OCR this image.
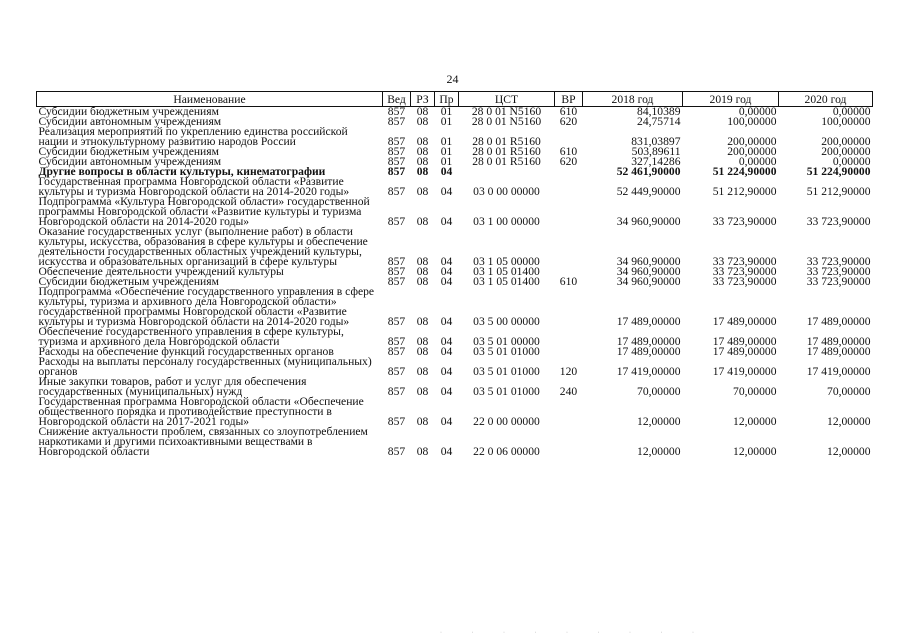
24
Наименование	Вед	РЗ	Пр	ЦСТ	ВР	2018 год	2019 год	2020 год
Субсидии бюджетным учреждениям	857	08	01	28 0 01 N5160	610	84,10389	0,00000	0,00000
Субсидии автономным учреждениям	857	08	01	28 0 01 N5160	620	24,75714	100,00000	100,00000
Реализация мероприятий по укреплению единства российской нации и этнокультурному развитию народов России	857	08	01	28 0 01 R5160		831,03897	200,00000	200,00000
Субсидии бюджетным учреждениям	857	08	01	28 0 01 R5160	610	503,89611	200,00000	200,00000
Субсидии автономным учреждениям	857	08	01	28 0 01 R5160	620	327,14286	0,00000	0,00000
Другие вопросы в области культуры, кинематографии	857	08	04			52 461,90000	51 224,90000	51 224,90000
Государственная программа Новгородской области «Развитие культуры и туризма Новгородской области на 2014-2020 годы»	857	08	04	03 0 00 00000		52 449,90000	51 212,90000	51 212,90000
Подпрограмма «Культура Новгородской области» государственной программы Новгородской области «Развитие культуры и туризма Новгородской области на 2014-2020 годы»	857	08	04	03 1 00 00000		34 960,90000	33 723,90000	33 723,90000
Оказание государственных услуг (выполнение работ) в области культуры, искусства, образования в сфере культуры и обеспечение деятельности государственных областных учреждений культуры, искусства и образовательных организаций в сфере культуры	857	08	04	03 1 05 00000		34 960,90000	33 723,90000	33 723,90000
Обеспечение деятельности учреждений культуры	857	08	04	03 1 05 01400		34 960,90000	33 723,90000	33 723,90000
Субсидии бюджетным учреждениям	857	08	04	03 1 05 01400	610	34 960,90000	33 723,90000	33 723,90000
Подпрограмма «Обеспечение государственного управления в сфере культуры, туризма и архивного дела Новгородской области» государственной программы Новгородской области «Развитие культуры и туризма Новгородской области на 2014-2020 годы»	857	08	04	03 5 00 00000		17 489,00000	17 489,00000	17 489,00000
Обеспечение государственного управления в сфере культуры, туризма и архивного дела Новгородской области	857	08	04	03 5 01 00000		17 489,00000	17 489,00000	17 489,00000
Расходы на обеспечение функций государственных органов	857	08	04	03 5 01 01000		17 489,00000	17 489,00000	17 489,00000
Расходы на выплаты персоналу государственных (муниципальных) органов	857	08	04	03 5 01 01000	120	17 419,00000	17 419,00000	17 419,00000
Иные закупки товаров, работ и услуг для обеспечения государственных (муниципальных) нужд	857	08	04	03 5 01 01000	240	70,00000	70,00000	70,00000
Государственная программа Новгородской области «Обеспечение общественного порядка и противодействие преступности в Новгородской области на 2017-2021 годы»	857	08	04	22 0 00 00000		12,00000	12,00000	12,00000
Снижение актуальности проблем, связанных со злоупотреблением наркотиками и другими психоактивными веществами в Новгородской области	857	08	04	22 0 06 00000		12,00000	12,00000	12,00000
· · · · · · · · ·
